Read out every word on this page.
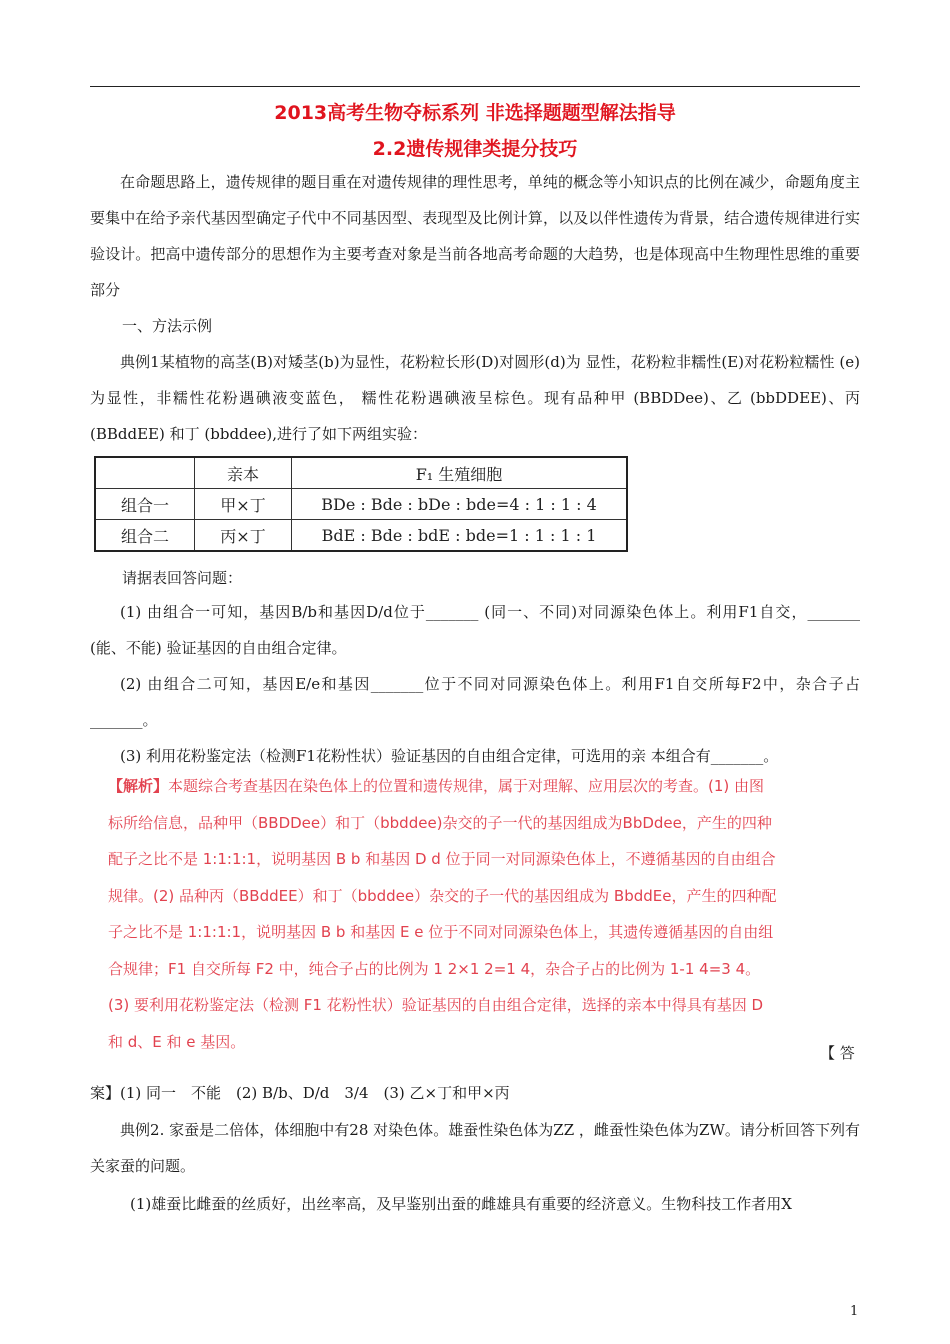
2013高考生物夺标系列 非选择题题型解法指导
2.2遗传规律类提分技巧

在命题思路上，遗传规律的题目重在对遗传规律的理性思考，单纯的概念等小知识点的比例在减少，命题角度主要集中在给予亲代基因型确定子代中不同基因型、表现型及比例计算，以及以伴性遗传为背景，结合遗传规律进行实验设计。把高中遗传部分的思想作为主要考查对象是当前各地高考命题的大趋势，也是体现高中生物理性思维的重要部分

一、方法示例

典例1某植物的高茎(B)对矮茎(b)为显性，花粉粒长形(D)对圆形(d)为 显性，花粉粒非糯性(E)对花粉粒糯性 (e)为显性，非糯性花粉遇碘液变蓝色， 糯性花粉遇碘液呈棕色。现有品种甲 (BBDDee)、乙 (bbDDEE)、丙 (BBddEE) 和丁 (bbddee),进行了如下两组实验：

	亲本	F₁ 生殖细胞
组合一	甲×丁	BDe : Bde : bDe : bde=4 : 1 : 1 : 4
组合二	丙×丁	BdE : Bde : bdE : bde=1 : 1 : 1 : 1
请据表回答问题：

(1) 由组合一可知，基因B/b和基因D/d位于_______ (同一、不同)对同源染色体上。利用F1自交，_______ (能、不能) 验证基因的自由组合定律。

(2) 由组合二可知，基因E/e和基因_______位于不同对同源染色体上。利用F1自交所每F2中，杂合子占_______。

(3) 利用花粉鉴定法（检测F1花粉性状）验证基因的自由组合定律，可选用的亲 本组合有_______。

【解析】本题综合考查基因在染色体上的位置和遗传规律，属于对理解、应用层次的考查。(1) 由图标所给信息，品种甲（BBDDee）和丁（bbddee)杂交的子一代的基因组成为BbDdee，产生的四种配子之比不是 1:1:1:1，说明基因 B b 和基因 D d 位于同一对同源染色体上，不遵循基因的自由组合规律。(2) 品种丙（BBddEE）和丁（bbddee）杂交的子一代的基因组成为 BbddEe，产生的四种配子之比不是 1:1:1:1，说明基因 B b 和基因 E e 位于不同对同源染色体上，其遗传遵循基因的自由组合规律；F1 自交所每 F2 中，纯合子占的比例为 1 2×1 2=1 4，杂合子占的比例为 1-1 4=3 4。(3) 要利用花粉鉴定法（检测 F1 花粉性状）验证基因的自由组合定律，选择的亲本中得具有基因 D 和 d、E 和 e 基因。

【 答
案】(1) 同一　不能　(2) B/b、D/d　3/4　(3) 乙×丁和甲×丙

典例2. 家蚕是二倍体，体细胞中有28 对染色体。雄蚕性染色体为ZZ ，雌蚕性染色体为ZW。请分析回答下列有关家蚕的问题。

(1)雄蚕比雌蚕的丝质好，出丝率高，及早鉴别出蚕的雌雄具有重要的经济意义。生物科技工作者用X
1
